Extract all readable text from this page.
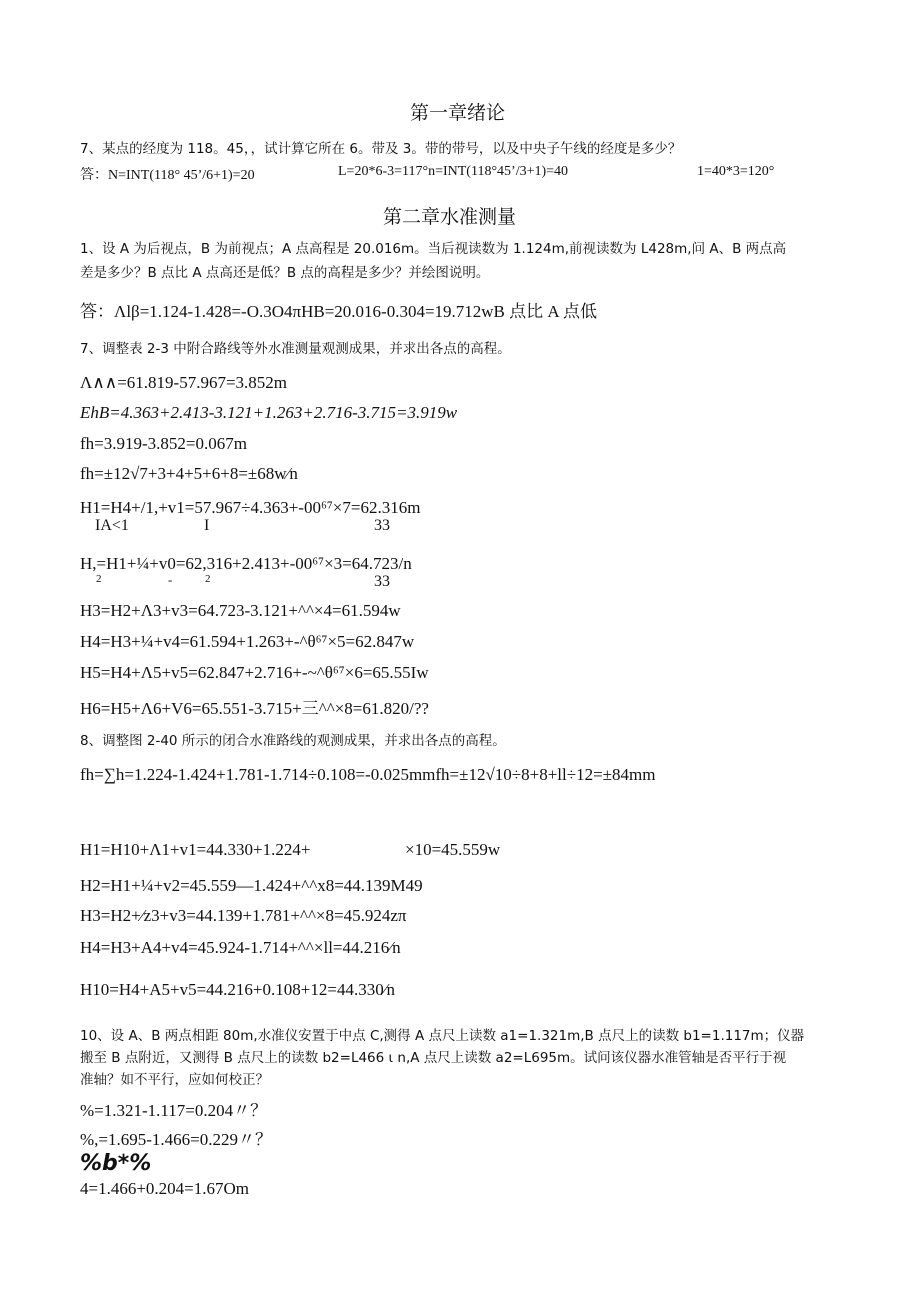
第一章绪论
7、某点的经度为 118。45，，试计算它所在 6。带及 3。带的带号，以及中央子午线的经度是多少？
答：N=INT(118° 45’/6+1)=20	L=20*6-3=117°n=INT(118°45’/3+1)=40	1=40*3=120°
第二章水准测量
1、设 A 为后视点，B 为前视点；A 点高程是 20.016m。当后视读数为 1.124m,前视读数为 L428m,问 A、B 两点高
差是多少？B 点比 A 点高还是低？B 点的高程是多少？并绘图说明。
答：Λlβ=1.124-1.428=-O.3O4πHB=20.016-0.304=19.712wB 点比 A 点低
7、调整表 2-3 中附合路线等外水准测量观测成果，并求出各点的高程。
Λ∧∧=61.819-57.967=3.852m
EhB=4.363+2.413-3.121+1.263+2.716-3.715=3.919w
fh=3.919-3.852=0.067m
fh=±12√7+3+4+5+6+8=±68w⁄n
H1=H4+/1,+v1=57.967÷4.363+-00⁶⁷×7=62.316m
IA<1	I	33
H,=H1+¼+v0=62,316+2.413+-00⁶⁷×3=64.723/n
2	-	2	33
H3=H2+Λ3+v3=64.723-3.121+^^×4=61.594w
H4=H3+¼+v4=61.594+1.263+-^θ⁶⁷×5=62.847w
H5=H4+Λ5+v5=62.847+2.716+-~^θ⁶⁷×6=65.55Iw
H6=H5+Λ6+V6=65.551-3.715+三^^×8=61.820/??
8、调整图 2-40 所示的闭合水准路线的观测成果，并求出各点的高程。
fh=∑h=1.224-1.424+1.781-1.714÷0.108=-0.025mmfh=±12√10÷8+8+ll÷12=±84mm
H1=H10+Λ1+v1=44.330+1.224+	×10=45.559w
H2=H1+¼+v2=45.559—1.424+^^x8=44.139M49
H3=H2+⁄z3+v3=44.139+1.781+^^×8=45.924zπ
H4=H3+A4+v4=45.924-1.714+^^×ll=44.216⁄n
H10=H4+A5+v5=44.216+0.108+12=44.330⁄n
10、设 A、B 两点相距 80m,水准仪安置于中点 C,测得 A 点尺上读数 a1=1.321m,B 点尺上的读数 b1=1.117m；仪器
搬至 B 点附近，又测得 B 点尺上的读数 b2=L466 ι n,A 点尺上读数 a2=L695m。试问该仪器水准管轴是否平行于视
准轴？如不平行，应如何校正？
%=1.321-1.117=0.204〃？
%,=1.695-1.466=0.229〃？
%b*%
4=1.466+0.204=1.67Om
